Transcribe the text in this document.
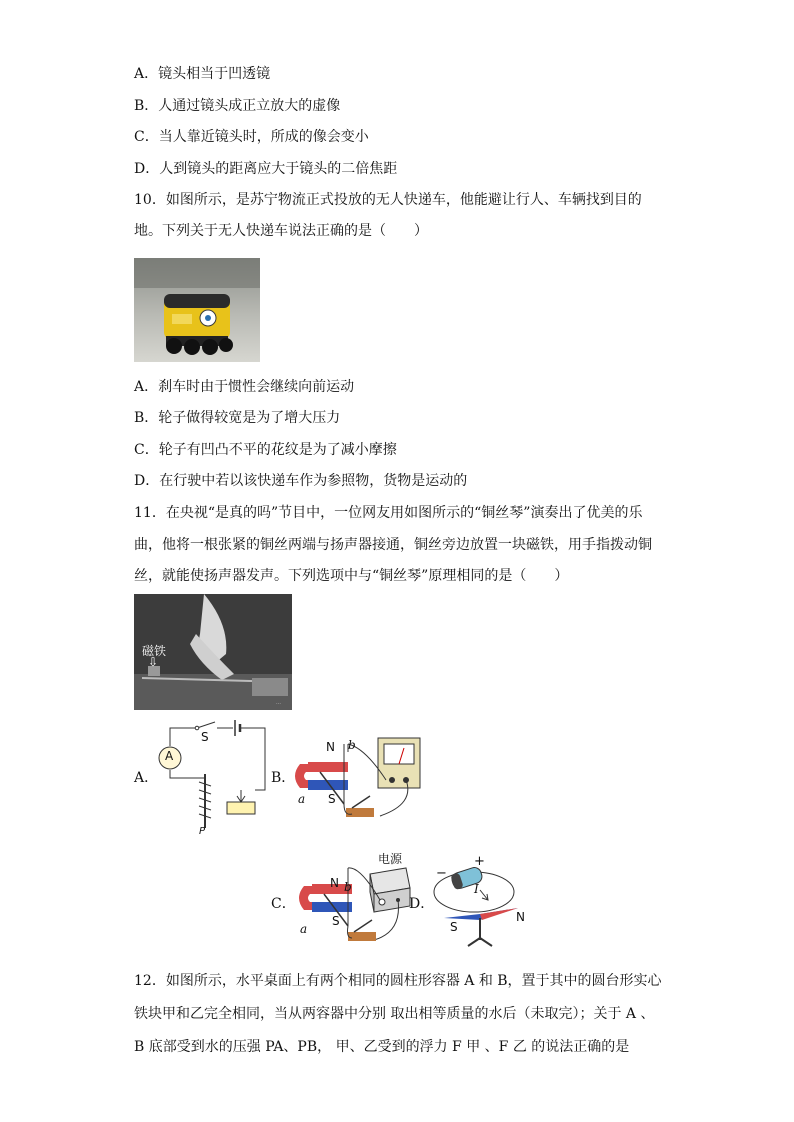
A．镜头相当于凹透镜
B．人通过镜头成正立放大的虚像
C．当人靠近镜头时，所成的像会变小
D．人到镜头的距离应大于镜头的二倍焦距
10．如图所示，是苏宁物流正式投放的无人快递车，他能避让行人、车辆找到目的
地。下列关于无人快递车说法正确的是（　　）
A．刹车时由于惯性会继续向前运动
B．轮子做得较宽是为了增大压力
C．轮子有凹凸不平的花纹是为了减小摩擦
D．在行驶中若以该快递车作为参照物，货物是运动的
11．在央视“是真的吗”节目中，一位网友用如图所示的“铜丝琴”演奏出了优美的乐
曲，他将一根张紧的铜丝两端与扬声器接通，铜丝旁边放置一块磁铁，用手指拨动铜
丝，就能使扬声器发声。下列选项中与“铜丝琴”原理相同的是（　　）
…
磁铁
⇩
A．
A
S
P
B．
N
S
a
b
C．
N
S
a
b
电源
D．
+
−
I
S
N
12．如图所示，水平桌面上有两个相同的圆柱形容器 A 和 B，置于其中的圆台形实心
铁块甲和乙完全相同，当从两容器中分别 取出相等质量的水后（未取完）；关于 A 、
B 底部受到水的压强 PA、PB， 甲、乙受到的浮力 F 甲 、F 乙 的说法正确的是
